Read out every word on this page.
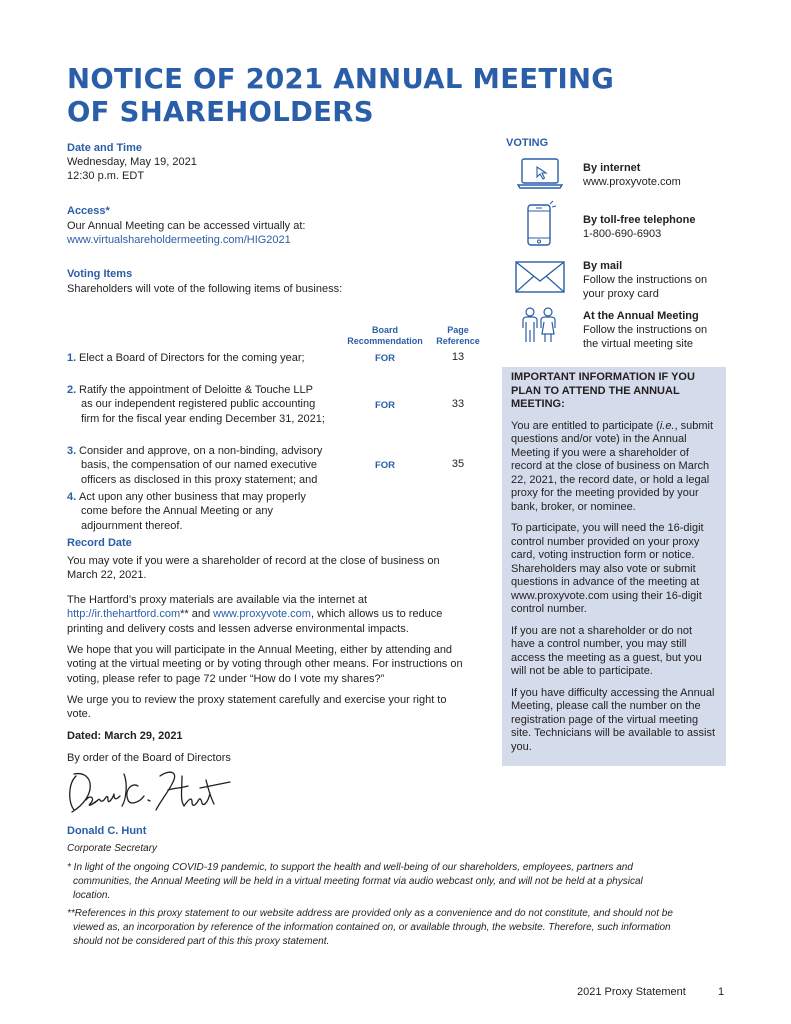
NOTICE OF 2021 ANNUAL MEETING
OF SHAREHOLDERS
Date and Time
Wednesday, May 19, 2021
12:30 p.m. EDT
Access*
Our Annual Meeting can be accessed virtually at:
www.virtualshareholdermeeting.com/HIG2021
Voting Items
Shareholders will vote of the following items of business:
Board
Recommendation
Page
Reference
1. Elect a Board of Directors for the coming year;	FOR	13
2. Ratify the appointment of Deloitte & Touche LLP
as our independent registered public accounting
firm for the fiscal year ending December 31, 2021;
FOR	33
3. Consider and approve, on a non-binding, advisory
basis, the compensation of our named executive
officers as disclosed in this proxy statement; and
FOR	35
4. Act upon any other business that may properly
come before the Annual Meeting or any
adjournment thereof.
Record Date
You may vote if you were a shareholder of record at the close of business on
March 22, 2021.
The Hartford’s proxy materials are available via the internet at
http://ir.thehartford.com** and www.proxyvote.com, which allows us to reduce
printing and delivery costs and lessen adverse environmental impacts.
We hope that you will participate in the Annual Meeting, either by attending and
voting at the virtual meeting or by voting through other means. For instructions on
voting, please refer to page 72 under “How do I vote my shares?”
We urge you to review the proxy statement carefully and exercise your right to
vote.
Dated: March 29, 2021
By order of the Board of Directors
Donald C. Hunt
Corporate Secretary
* In light of the ongoing COVID-19 pandemic, to support the health and well-being of our shareholders, employees, partners and
communities, the Annual Meeting will be held in a virtual meeting format via audio webcast only, and will not be held at a physical
location.
**References in this proxy statement to our website address are provided only as a convenience and do not constitute, and should not be
viewed as, an incorporation by reference of the information contained on, or available through, the website. Therefore, such information
should not be considered part of this this proxy statement.
VOTING
By internet
www.proxyvote.com
By toll-free telephone
1-800-690-6903
By mail
Follow the instructions on
your proxy card
At the Annual Meeting
Follow the instructions on
the virtual meeting site
IMPORTANT INFORMATION IF YOU
PLAN TO ATTEND THE ANNUAL
MEETING:

You are entitled to participate (i.e., submit questions and/or vote) in the Annual Meeting if you were a shareholder of record at the close of business on March 22, 2021, the record date, or hold a legal proxy for the meeting provided by your bank, broker, or nominee.

To participate, you will need the 16-digit control number provided on your proxy card, voting instruction form or notice. Shareholders may also vote or submit questions in advance of the meeting at www.proxyvote.com using their 16-digit control number.

If you are not a shareholder or do not have a control number, you may still access the meeting as a guest, but you will not be able to participate.

If you have difficulty accessing the Annual Meeting, please call the number on the registration page of the virtual meeting site. Technicians will be available to assist you.

2021 Proxy Statement	1
